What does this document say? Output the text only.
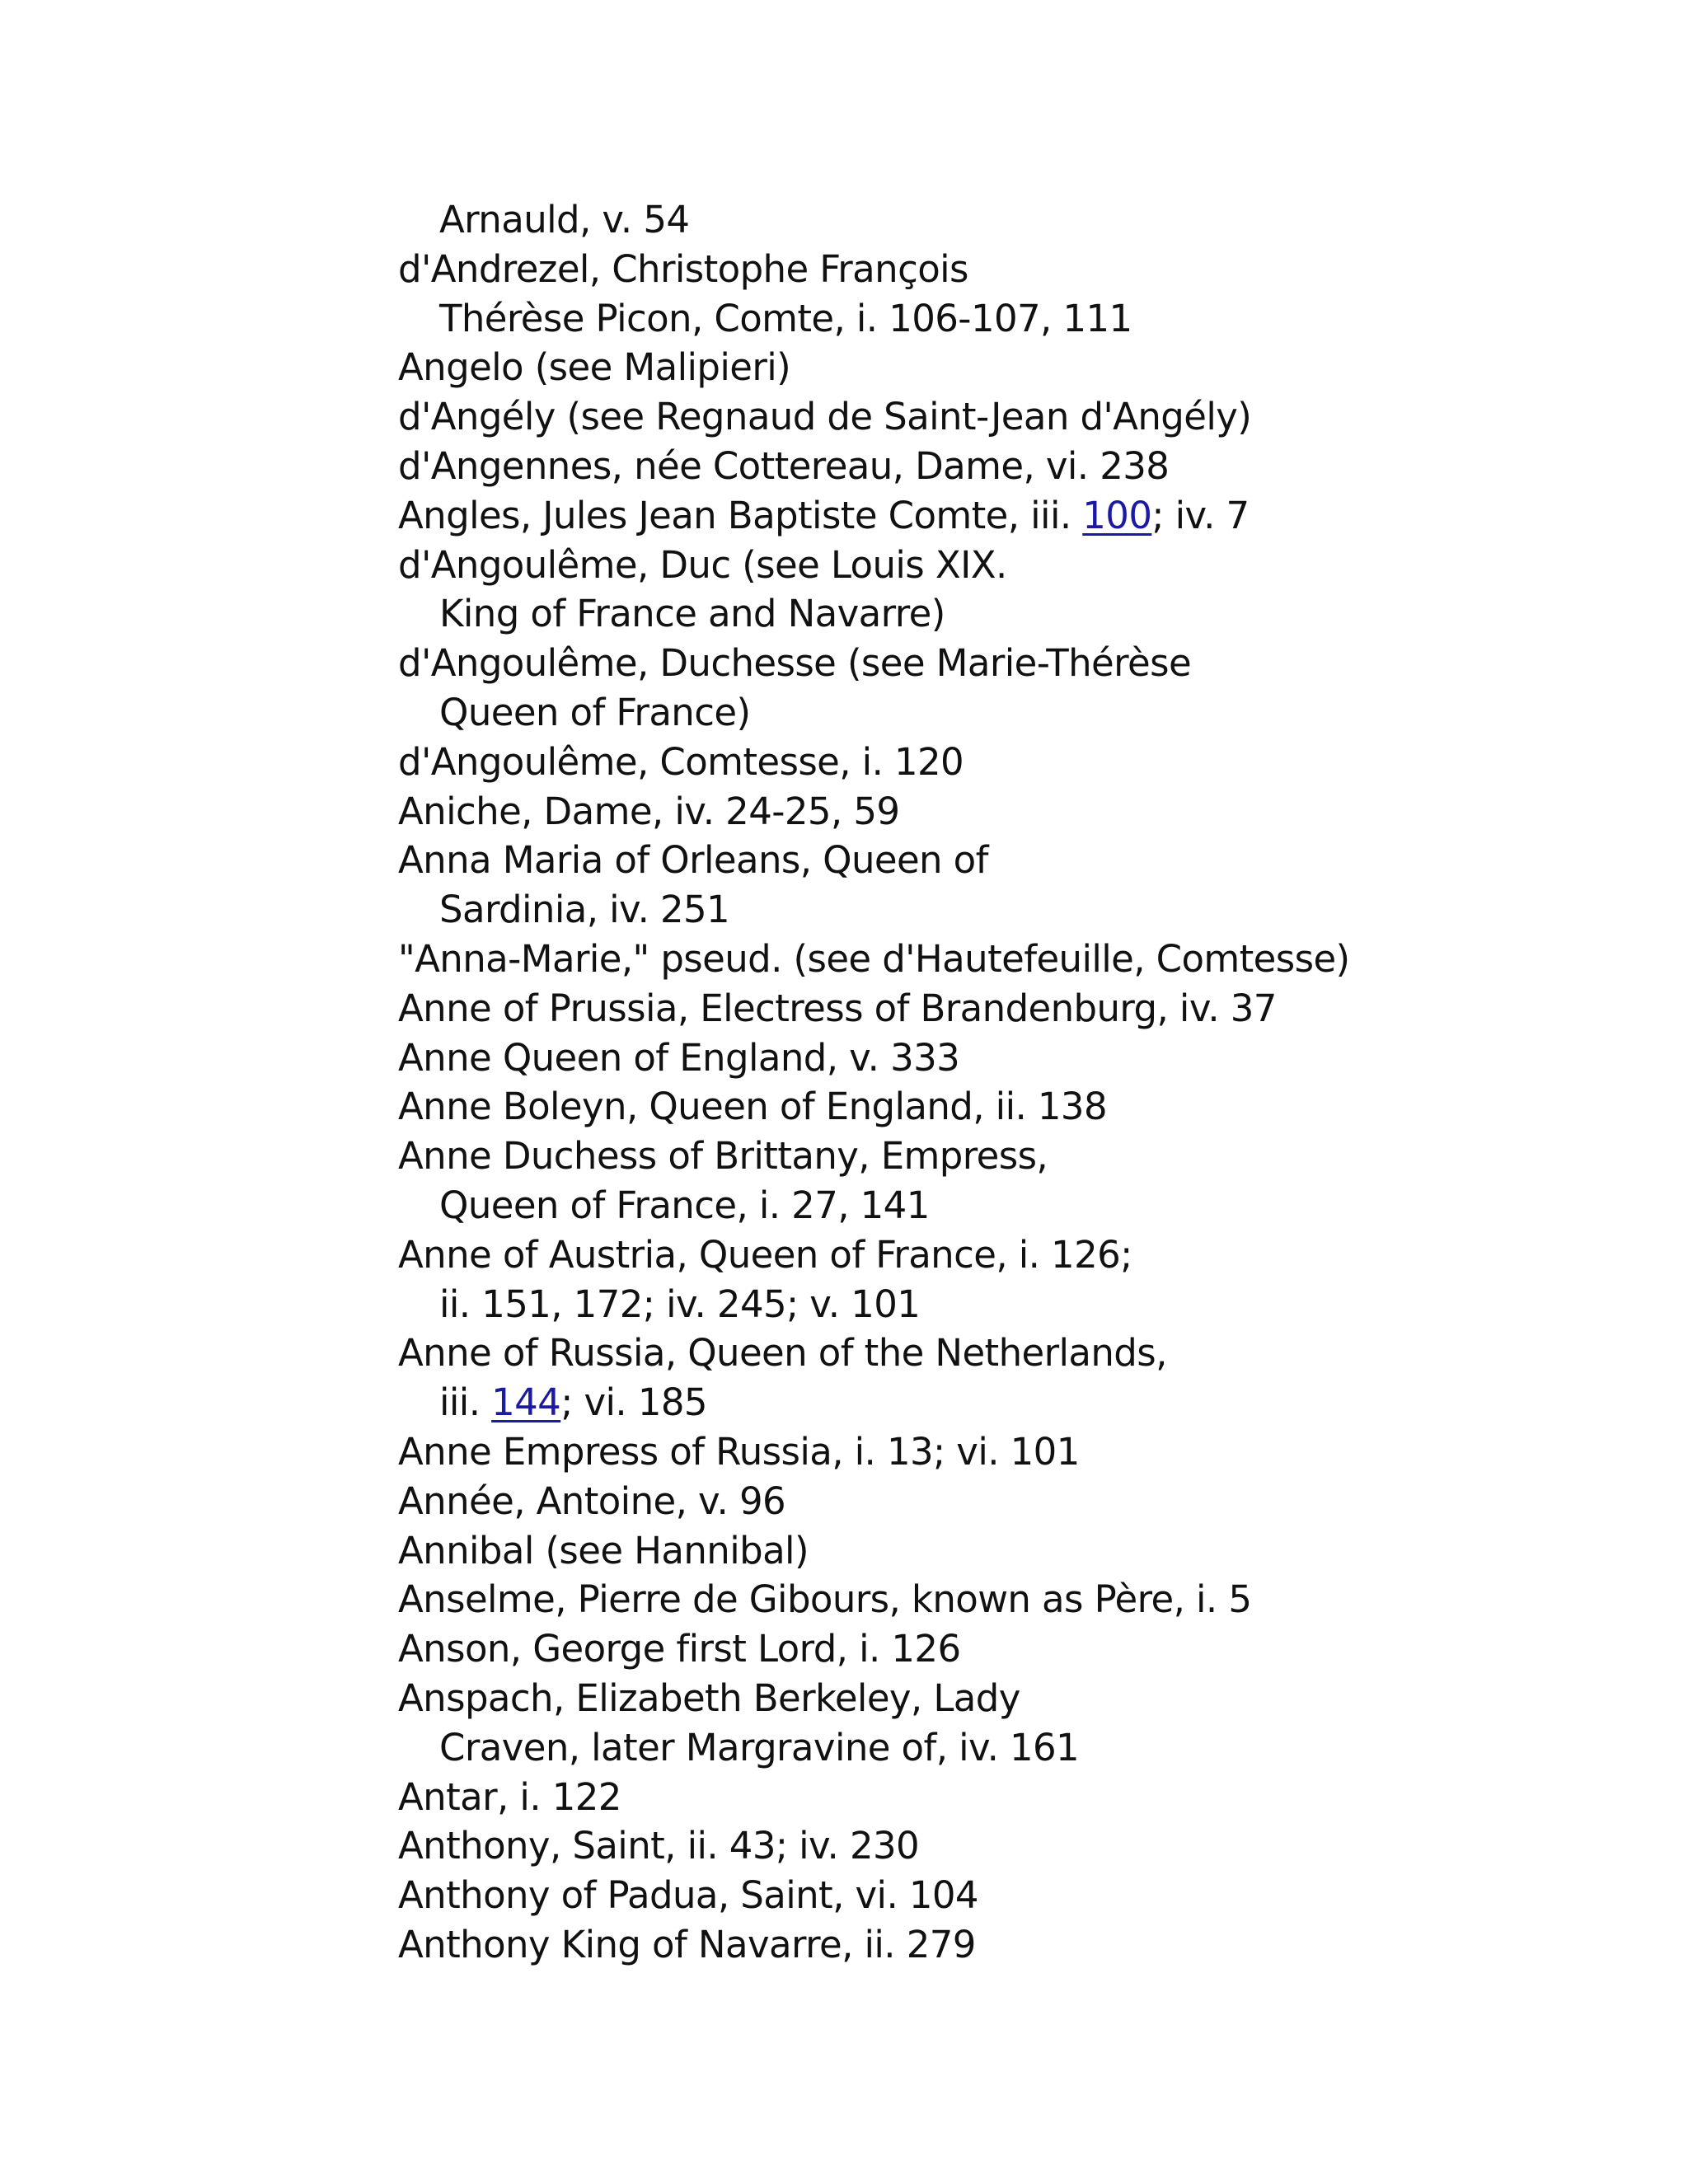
Arnauld, v. 54
d'Andrezel, Christophe François
Thérèse Picon, Comte, i. 106-107, 111
Angelo (see Malipieri)
d'Angély (see Regnaud de Saint-Jean d'Angély)
d'Angennes, née Cottereau, Dame, vi. 238
Angles, Jules Jean Baptiste Comte, iii. 100; iv. 7
d'Angoulême, Duc (see Louis XIX.
King of France and Navarre)
d'Angoulême, Duchesse (see Marie-Thérèse
Queen of France)
d'Angoulême, Comtesse, i. 120
Aniche, Dame, iv. 24-25, 59
Anna Maria of Orleans, Queen of
Sardinia, iv. 251
"Anna-Marie," pseud. (see d'Hautefeuille, Comtesse)
Anne of Prussia, Electress of Brandenburg, iv. 37
Anne Queen of England, v. 333
Anne Boleyn, Queen of England, ii. 138
Anne Duchess of Brittany, Empress,
Queen of France, i. 27, 141
Anne of Austria, Queen of France, i. 126;
ii. 151, 172; iv. 245; v. 101
Anne of Russia, Queen of the Netherlands,
iii. 144; vi. 185
Anne Empress of Russia, i. 13; vi. 101
Année, Antoine, v. 96
Annibal (see Hannibal)
Anselme, Pierre de Gibours, known as Père, i. 5
Anson, George first Lord, i. 126
Anspach, Elizabeth Berkeley, Lady
Craven, later Margravine of, iv. 161
Antar, i. 122
Anthony, Saint, ii. 43; iv. 230
Anthony of Padua, Saint, vi. 104
Anthony King of Navarre, ii. 279
